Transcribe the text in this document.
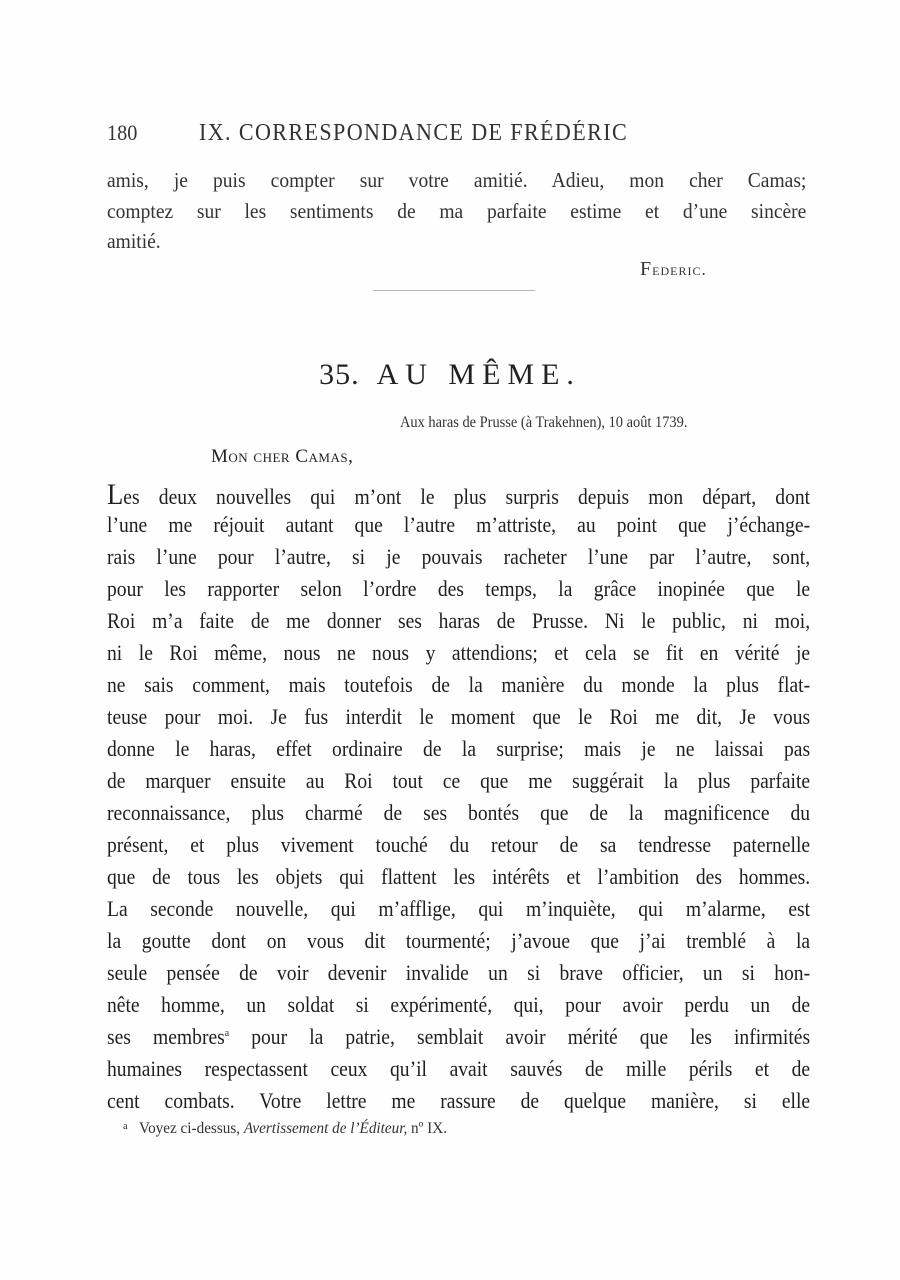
180	IX. CORRESPONDANCE DE FRÉDÉRIC
amis, je puis compter sur votre amitié. Adieu, mon cher Camas;
comptez sur les sentiments de ma parfaite estime et d’une sincère
amitié.
Federic.
35. AU MÊME.
Aux haras de Prusse (à Trakehnen), 10 août 1739.
Mon cher Camas,
Les deux nouvelles qui m’ont le plus surpris depuis mon départ, dont
l’une me réjouit autant que l’autre m’attriste, au point que j’échange-
rais l’une pour l’autre, si je pouvais racheter l’une par l’autre, sont,
pour les rapporter selon l’ordre des temps, la grâce inopinée que le
Roi m’a faite de me donner ses haras de Prusse. Ni le public, ni moi,
ni le Roi même, nous ne nous y attendions; et cela se fit en vérité je
ne sais comment, mais toutefois de la manière du monde la plus flat-
teuse pour moi. Je fus interdit le moment que le Roi me dit, Je vous
donne le haras, effet ordinaire de la surprise; mais je ne laissai pas
de marquer ensuite au Roi tout ce que me suggérait la plus parfaite
reconnaissance, plus charmé de ses bontés que de la magnificence du
présent, et plus vivement touché du retour de sa tendresse paternelle
que de tous les objets qui flattent les intérêts et l’ambition des hommes.
La seconde nouvelle, qui m’afflige, qui m’inquiète, qui m’alarme, est
la goutte dont on vous dit tourmenté; j’avoue que j’ai tremblé à la
seule pensée de voir devenir invalide un si brave officier, un si hon-
nête homme, un soldat si expérimenté, qui, pour avoir perdu un de
ses membres$^a$ pour la patrie, semblait avoir mérité que les infirmités
humaines respectassent ceux qu’il avait sauvés de mille périls et de
cent combats. Votre lettre me rassure de quelque manière, si elle
$^a$ Voyez ci-dessus, Avertissement de l’Éditeur, nº IX.
